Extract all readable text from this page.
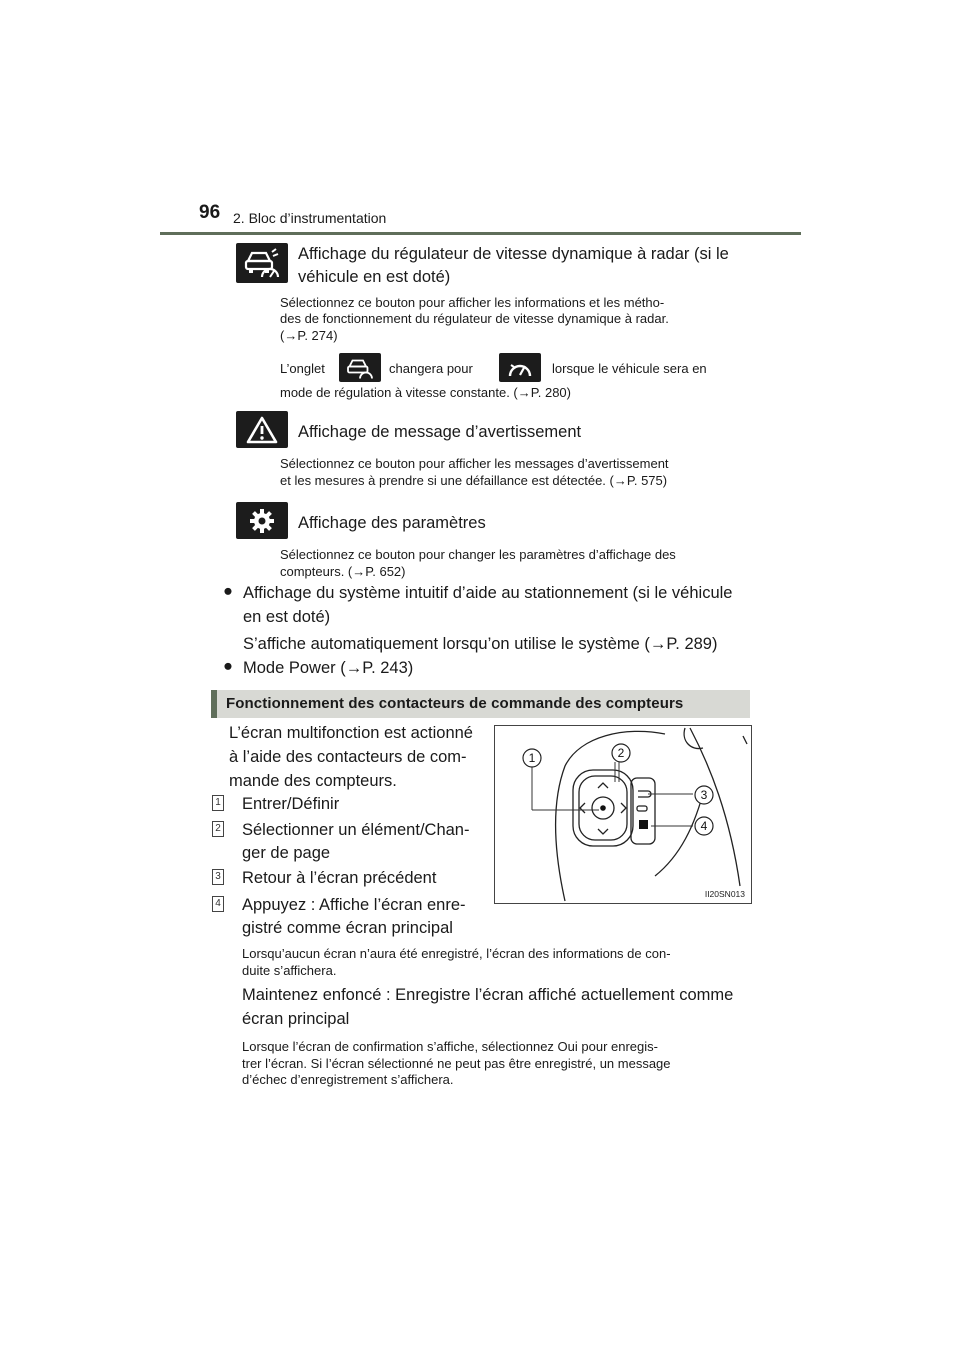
96 2. Bloc d’instrumentation
Affichage du régulateur de vitesse dynamique à radar (si le
véhicule en est doté)
Sélectionnez ce bouton pour afficher les informations et les métho-
des de fonctionnement du régulateur de vitesse dynamique à radar.
(→P. 274)
L’onglet	changera pour	lorsque le véhicule sera en
mode de régulation à vitesse constante. (→P. 280)
Affichage de message d’avertissement
Sélectionnez ce bouton pour afficher les messages d’avertissement
et les mesures à prendre si une défaillance est détectée. (→P. 575)
Affichage des paramètres
Sélectionnez ce bouton pour changer les paramètres d’affichage des
compteurs. (→P. 652)
● Affichage du système intuitif d’aide au stationnement (si le véhicule
en est doté)
S’affiche automatiquement lorsqu’on utilise le système (→P. 289)
● Mode Power (→P. 243)
Fonctionnement des contacteurs de commande des compteurs
L’écran multifonction est actionné
à l’aide des contacteurs de com-
mande des compteurs.
1 Entrer/Définir
2 Sélectionner un élément/Chan-
ger de page
3 Retour à l’écran précédent
4 Appuyez : Affiche l’écran enre-
gistré comme écran principal
Lorsqu’aucun écran n’aura été enregistré, l’écran des informations de con-
duite s’affichera.
Maintenez enfoncé : Enregistre l’écran affiché actuellement comme
écran principal
Lorsque l’écran de confirmation s’affiche, sélectionnez Oui pour enregis-
trer l’écran. Si l’écran sélectionné ne peut pas être enregistré, un message
d’échec d’enregistrement s’affichera.
1	2
3
4
II20SN013
